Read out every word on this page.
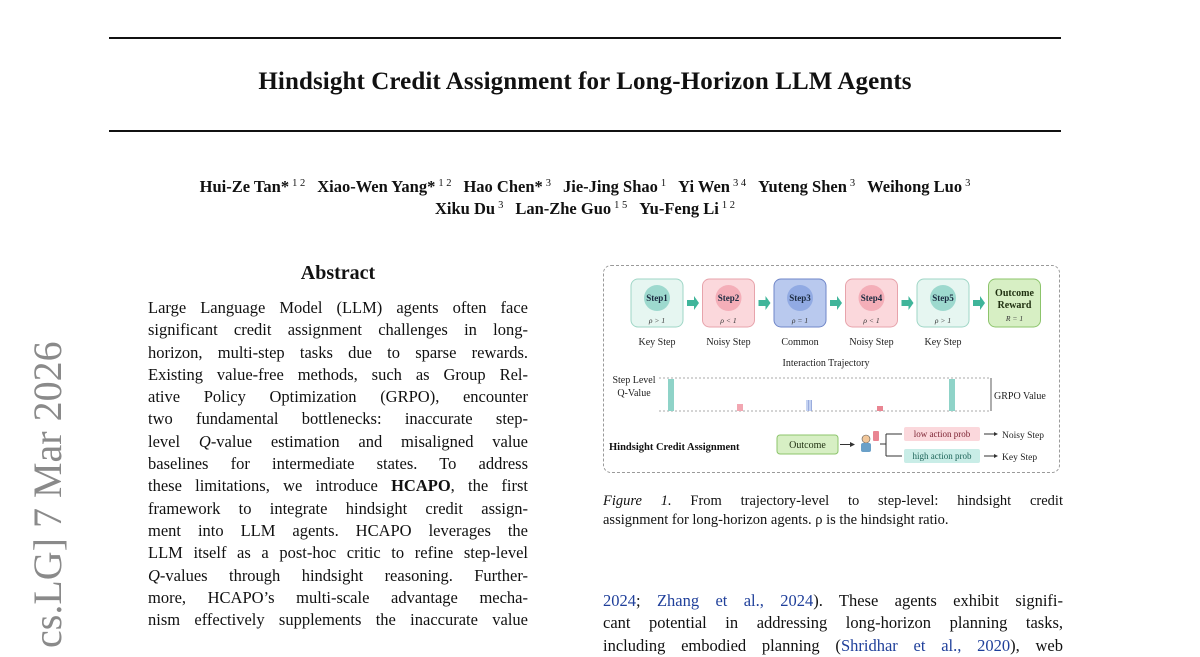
Hindsight Credit Assignment for Long-Horizon LLM Agents
Hui-Ze Tan* $^{1 2}$ Xiao-Wen Yang* $^{1 2}$ Hao Chen* $^3$ Jie-Jing Shao $^1$ Yi Wen $^{3 4}$ Yuteng Shen $^3$ Weihong Luo $^3$
Xiku Du $^3$ Lan-Zhe Guo $^{1 5}$ Yu-Feng Li $^{1 2}$
cs.LG] 7 Mar 2026
Abstract
Large Language Model (LLM) agents often face
significant credit assignment challenges in long-
horizon, multi-step tasks due to sparse rewards.
Existing value-free methods, such as Group Rel-
ative Policy Optimization (GRPO), encounter
two fundamental bottlenecks: inaccurate step-
level Q-value estimation and misaligned value
baselines for intermediate states. To address
these limitations, we introduce HCAPO, the first
framework to integrate hindsight credit assign-
ment into LLM agents. HCAPO leverages the
LLM itself as a post-hoc critic to refine step-level
Q-values through hindsight reasoning. Further-
more, HCAPO’s multi-scale advantage mecha-
nism effectively supplements the inaccurate value
Step1
ρ > 1
Key Step
Step2
ρ < 1
Noisy Step
Step3
ρ = 1
Common
Step4
ρ < 1
Noisy Step
Step5
ρ > 1
Key Step
Outcome
Reward
R = 1
Interaction Trajectory
Step Level
Q-Value	GRPO Value
Hindsight Credit Assignment	Outcome
low action prob
high action prob
Noisy Step
Key Step
Figure 1. From trajectory-level to step-level: hindsight credit
assignment for long-horizon agents. ρ is the hindsight ratio.
2024; Zhang et al., 2024). These agents exhibit signifi-
cant potential in addressing long-horizon planning tasks,
including embodied planning (Shridhar et al., 2020), web
